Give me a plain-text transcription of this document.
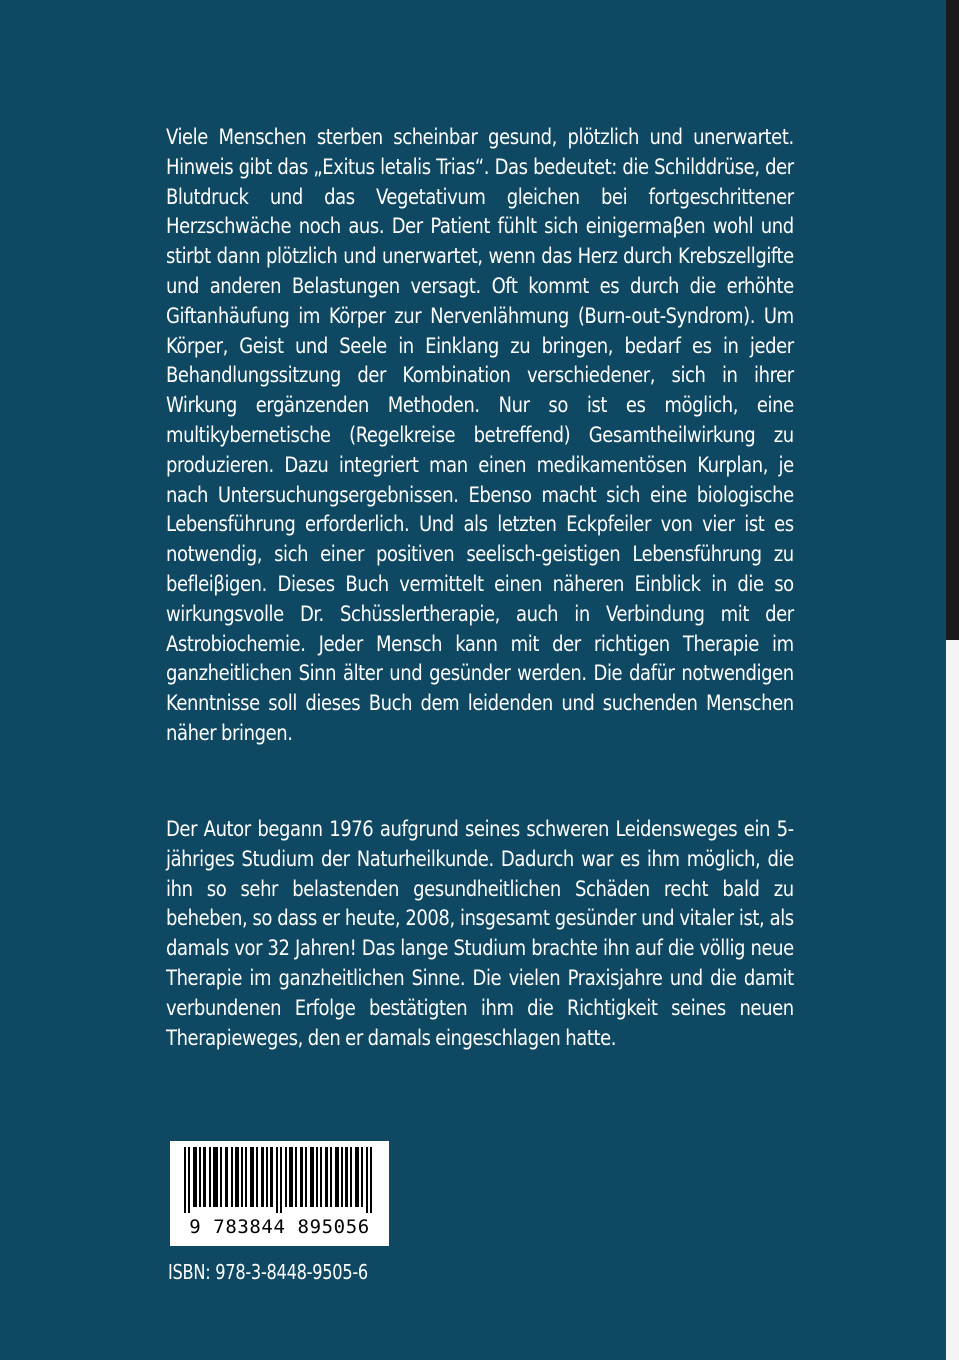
Viele Menschen sterben scheinbar gesund, plötzlich und unerwartet. Hinweis gibt das „Exitus letalis Trias“. Das bedeutet: die Schilddrüse, der Blutdruck und das Vegetativum gleichen bei fortgeschrittener Herzschwäche noch aus. Der Patient fühlt sich einigermaβen wohl und stirbt dann plötzlich und unerwartet, wenn das Herz durch Krebszellgifte und anderen Belastungen versagt. Oft kommt es durch die erhöhte Giftanhäufung im Körper zur Nervenlähmung (Burn-out-Syndrom). Um Körper, Geist und Seele in Einklang zu bringen, bedarf es in jeder Behandlungssitzung der Kombination verschiedener, sich in ihrer Wirkung ergänzenden Methoden. Nur so ist es möglich, eine multikybernetische (Regelkreise betreffend) Gesamtheilwirkung zu produzieren. Dazu integriert man einen medikamentösen Kurplan, je nach Untersuchungsergebnissen. Ebenso macht sich eine biologische Lebensführung erforderlich. Und als letzten Eckpfeiler von vier ist es notwendig, sich einer positiven seelisch-geistigen Lebensführung zu befleiβigen. Dieses Buch vermittelt einen näheren Einblick in die so wirkungsvolle Dr. Schüsslertherapie, auch in Verbindung mit der Astrobiochemie. Jeder Mensch kann mit der richtigen Therapie im ganzheitlichen Sinn älter und gesünder werden. Die dafür notwendigen Kenntnisse soll dieses Buch dem leidenden und suchenden Menschen näher bringen.
Der Autor begann 1976 aufgrund seines schweren Leidensweges ein 5-jähriges Studium der Naturheilkunde. Dadurch war es ihm möglich, die ihn so sehr belastenden gesundheitlichen Schäden recht bald zu beheben, so dass er heute, 2008, insgesamt gesünder und vitaler ist, als damals vor 32 Jahren! Das lange Studium brachte ihn auf die völlig neue Therapie im ganzheitlichen Sinne. Die vielen Praxisjahre und die damit verbundenen Erfolge bestätigten ihm die Richtigkeit seines neuen Therapieweges, den er damals eingeschlagen hatte.
9 783844 895056
ISBN: 978-3-8448-9505-6
